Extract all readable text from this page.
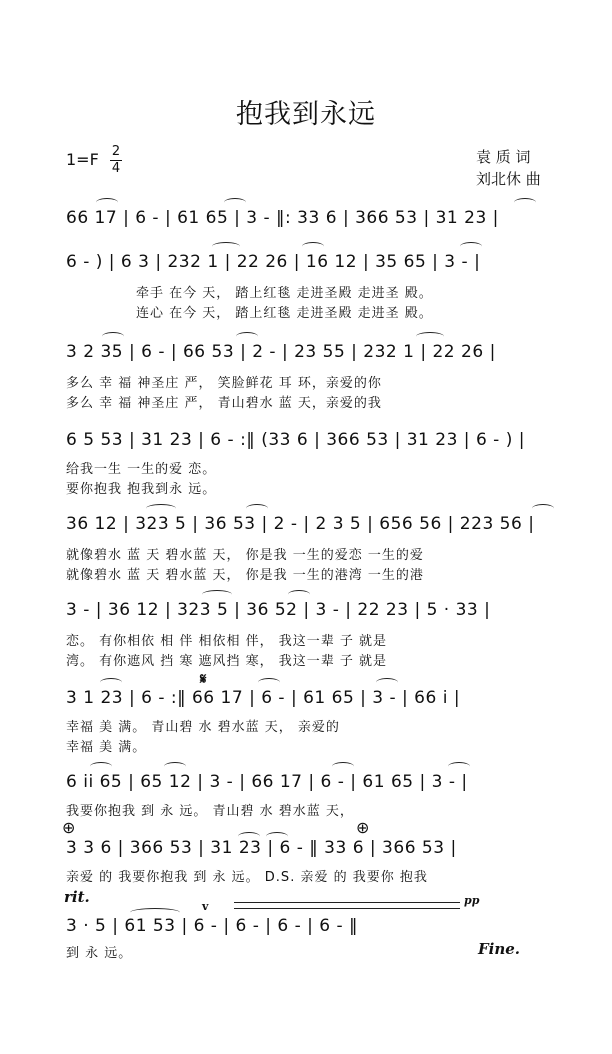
抱我到永远
1=F 2
4
袁 质 词
刘北休 曲
66 17 | 6 - | 61 65 | 3 - ‖: 33 6 | 366 53 | 31 23 |
6 - ) | 6 3 | 232 1 | 22 26 | 16 12 | 35 65 | 3 - |
牵手 在今 天， 踏上红毯 走进圣殿 走进圣 殿。
连心 在今 天， 踏上红毯 走进圣殿 走进圣 殿。
3 2 35 | 6 - | 66 53 | 2 - | 23 55 | 232 1 | 22 26 |
多么 幸 福 神圣庄 严， 笑脸鲜花 耳 环，亲爱的你
多么 幸 福 神圣庄 严， 青山碧水 蓝 天，亲爱的我
6 5 53 | 31 23 | 6 - :‖ (33 6 | 366 53 | 31 23 | 6 - ) |
给我一生 一生的爱 恋。
要你抱我 抱我到永 远。
36 12 | 323 5 | 36 53 | 2 - | 2 3 5 | 656 56 | 223 56 |
就像碧水 蓝 天 碧水蓝 天， 你是我 一生的爱恋 一生的爱
就像碧水 蓝 天 碧水蓝 天， 你是我 一生的港湾 一生的港
3 - | 36 12 | 323 5 | 36 52 | 3 - | 22 23 | 5 · 33 |
恋。 有你相依 相 伴 相依相 伴， 我这一辈 子 就是
湾。 有你遮风 挡 寒 遮风挡 寒， 我这一辈 子 就是
𝄋
3 1 23 | 6 - :‖ 66 17 | 6 - | 61 65 | 3 - | 66 i |
幸福 美 满。 青山碧 水 碧水蓝 天， 亲爱的
幸福 美 满。
6 ii 65 | 65 12 | 3 - | 66 17 | 6 - | 61 65 | 3 - |
我要你抱我 到 永 远。 青山碧 水 碧水蓝 天，
⊕	⊕
3 3 6 | 366 53 | 31 23 | 6 - ‖ 33 6 | 366 53 |
亲爱 的 我要你抱我 到 永 远。 D.S. 亲爱 的 我要你 抱我
rit.	pp
v
3 · 5 | 61 53 | 6 - | 6 - | 6 - | 6 - ‖
到 永 远。	Fine.
